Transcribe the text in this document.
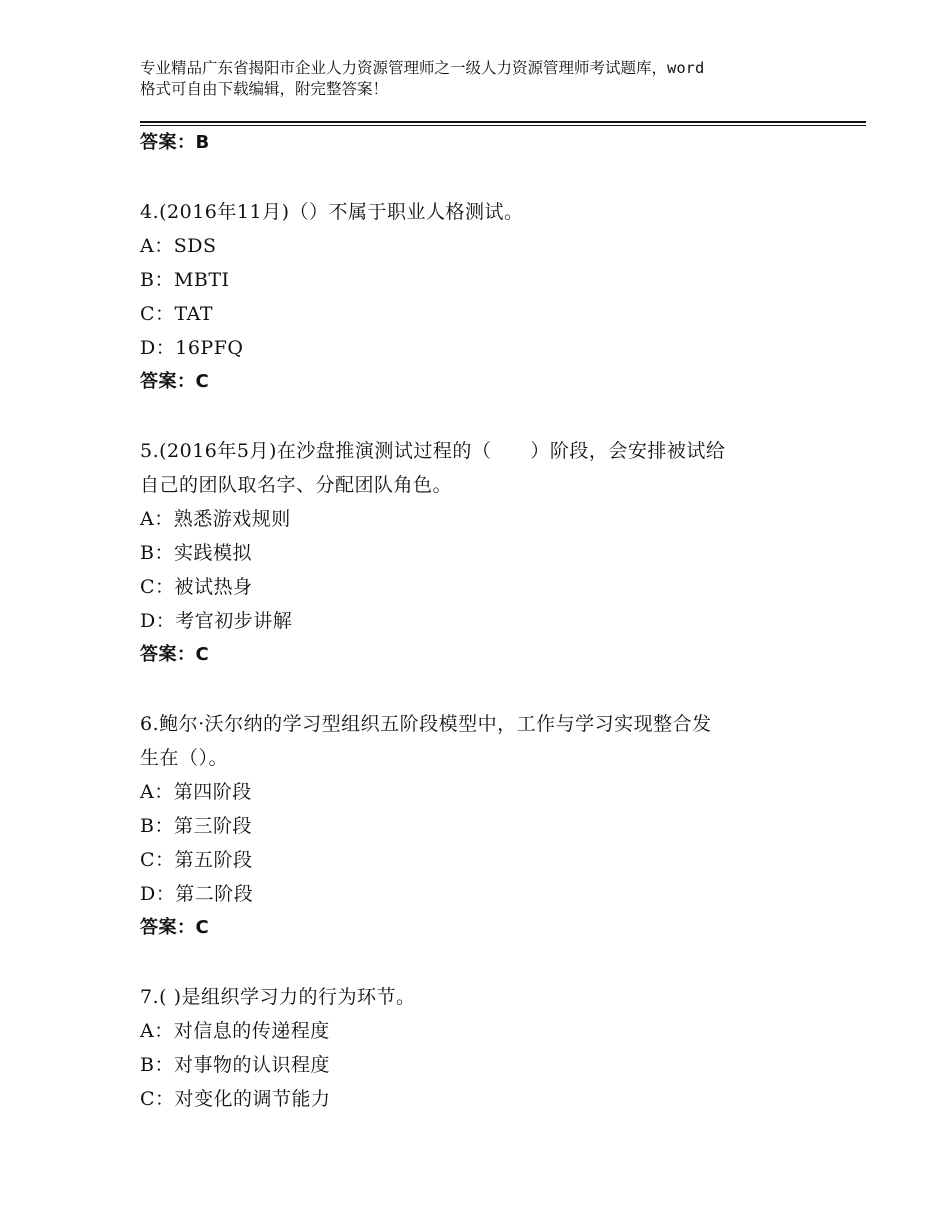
专业精品广东省揭阳市企业人力资源管理师之一级人力资源管理师考试题库，word
格式可自由下载编辑，附完整答案！
答案：B
4.(2016年11月)（）不属于职业人格测试。
A：SDS
B：MBTI
C：TAT
D：16PFQ
答案：C
5.(2016年5月)在沙盘推演测试过程的（　　）阶段，会安排被试给
自己的团队取名字、分配团队角色。
A：熟悉游戏规则
B：实践模拟
C：被试热身
D：考官初步讲解
答案：C
6.鲍尔·沃尔纳的学习型组织五阶段模型中，工作与学习实现整合发
生在（）。
A：第四阶段
B：第三阶段
C：第五阶段
D：第二阶段
答案：C
7.( )是组织学习力的行为环节。
A：对信息的传递程度
B：对事物的认识程度
C：对变化的调节能力
